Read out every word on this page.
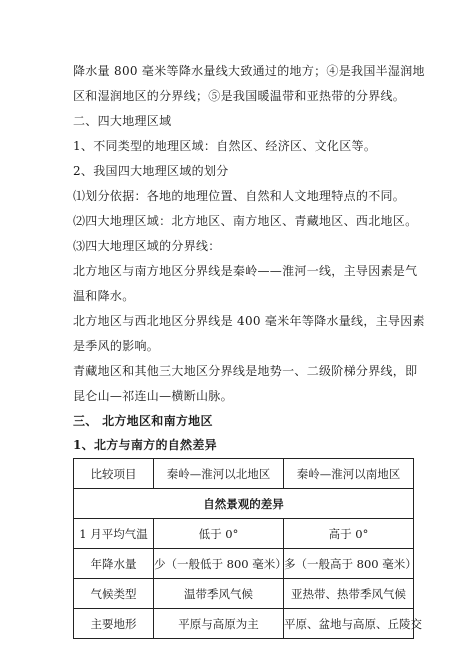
降水量 800 毫米等降水量线大致通过的地方；④是我国半湿润地
区和湿润地区的分界线；⑤是我国暖温带和亚热带的分界线。
二、四大地理区域
1、不同类型的地理区域：自然区、经济区、文化区等。
2、我国四大地理区域的划分
⑴划分依据：各地的地理位置、自然和人文地理特点的不同。
⑵四大地理区域：北方地区、南方地区、青藏地区、西北地区。
⑶四大地理区域的分界线：
北方地区与南方地区分界线是秦岭——淮河一线，主导因素是气
温和降水。
北方地区与西北地区分界线是 400 毫米年等降水量线，主导因素
是季风的影响。
青藏地区和其他三大地区分界线是地势一、二级阶梯分界线，即
昆仑山—祁连山—横断山脉。
三、 北方地区和南方地区
1、北方与南方的自然差异
比较项目	秦岭—淮河以北地区	秦岭—淮河以南地区
自然景观的差异		
1 月平均气温	低于 0°	高于 0°
年降水量	少（一般低于 800 毫米）	多（一般高于 800 毫米）
气候类型	温带季风气候	亚热带、热带季风气候
主要地形	平原与高原为主	平原、盆地与高原、丘陵交
